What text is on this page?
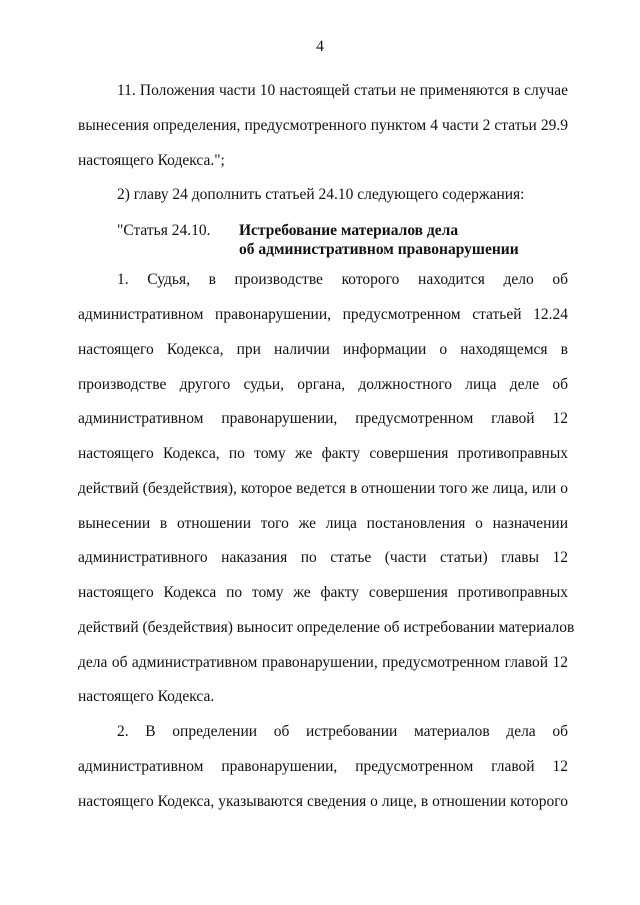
4
11. Положения части 10 настоящей статьи не применяются в случае
вынесения определения, предусмотренного пунктом 4 части 2 статьи 29.9
настоящего Кодекса.";
2) главу 24 дополнить статьей 24.10 следующего содержания:
"Статья 24.10. Истребование материалов дела
об административном правонарушении
1. Судья, в производстве которого находится дело об
административном правонарушении, предусмотренном статьей 12.24
настоящего Кодекса, при наличии информации о находящемся в
производстве другого судьи, органа, должностного лица деле об
административном правонарушении, предусмотренном главой 12
настоящего Кодекса, по тому же факту совершения противоправных
действий (бездействия), которое ведется в отношении того же лица, или о
вынесении в отношении того же лица постановления о назначении
административного наказания по статье (части статьи) главы 12
настоящего Кодекса по тому же факту совершения противоправных
действий (бездействия) выносит определение об истребовании материалов
дела об административном правонарушении, предусмотренном главой 12
настоящего Кодекса.
2. В определении об истребовании материалов дела об
административном правонарушении, предусмотренном главой 12
настоящего Кодекса, указываются сведения о лице, в отношении которого
